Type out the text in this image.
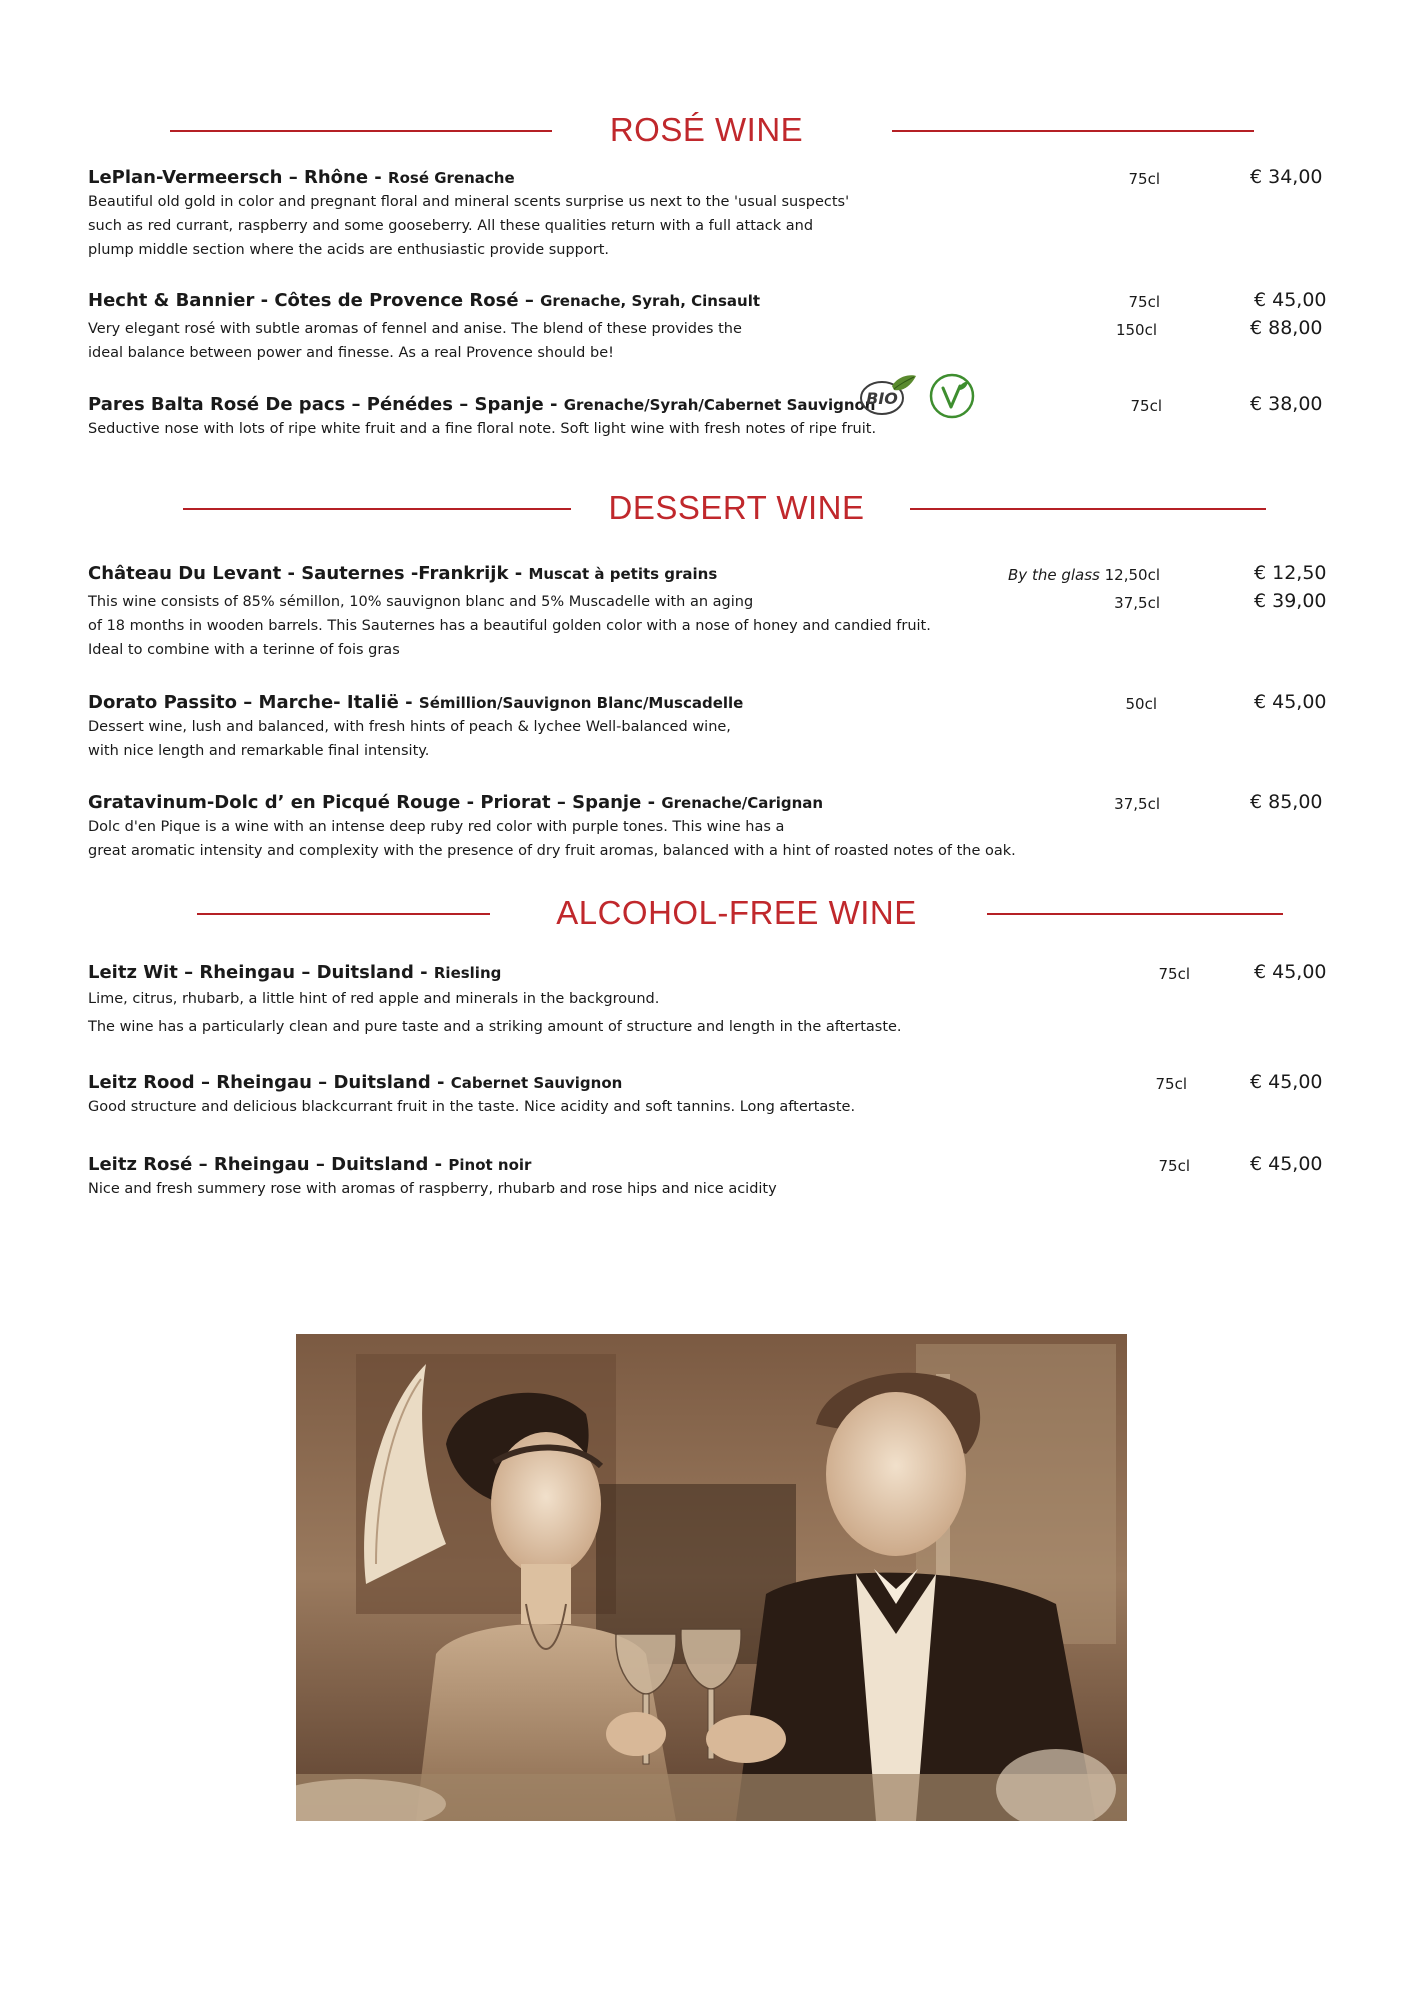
ROSÉ WINE
LePlan-Vermeersch – Rhône - Rosé Grenache
Beautiful old gold in color and pregnant floral and mineral scents surprise us next to the 'usual suspects'
such as red currant, raspberry and some gooseberry. All these qualities return with a full attack and
plump middle section where the acids are enthusiastic provide support.
75cl	€ 34,00
Hecht & Bannier - Côtes de Provence Rosé – Grenache, Syrah, Cinsault
Very elegant rosé with subtle aromas of fennel and anise. The blend of these provides the
ideal balance between power and finesse. As a real Provence should be!
75cl	€ 45,00
150cl	€ 88,00
Pares Balta Rosé De pacs – Pénédes – Spanje - Grenache/Syrah/Cabernet Sauvignon
Seductive nose with lots of ripe white fruit and a fine floral note. Soft light wine with fresh notes of ripe fruit.
BIO
V
75cl	€ 38,00
DESSERT WINE
Château Du Levant - Sauternes -Frankrijk - Muscat à petits grains
This wine consists of 85% sémillon, 10% sauvignon blanc and 5% Muscadelle with an aging
of 18 months in wooden barrels. This Sauternes has a beautiful golden color with a nose of honey and candied fruit.
Ideal to combine with a terinne of fois gras
By the glass 12,50cl	€ 12,50
37,5cl	€ 39,00
Dorato Passito – Marche- Italië - Sémillion/Sauvignon Blanc/Muscadelle
Dessert wine, lush and balanced, with fresh hints of peach & lychee Well-balanced wine,
with nice length and remarkable final intensity.
50cl	€ 45,00
Gratavinum-Dolc d’ en Picqué Rouge - Priorat – Spanje - Grenache/Carignan
Dolc d'en Pique is a wine with an intense deep ruby red color with purple tones. This wine has a
great aromatic intensity and complexity with the presence of dry fruit aromas, balanced with a hint of roasted notes of the oak.
37,5cl	€ 85,00
ALCOHOL-FREE WINE
Leitz Wit – Rheingau – Duitsland - Riesling
Lime, citrus, rhubarb, a little hint of red apple and minerals in the background.
The wine has a particularly clean and pure taste and a striking amount of structure and length in the aftertaste.
75cl	€ 45,00
Leitz Rood – Rheingau – Duitsland - Cabernet Sauvignon
Good structure and delicious blackcurrant fruit in the taste. Nice acidity and soft tannins. Long aftertaste.
75cl	€ 45,00
Leitz Rosé – Rheingau – Duitsland - Pinot noir
Nice and fresh summery rose with aromas of raspberry, rhubarb and rose hips and nice acidity
75cl	€ 45,00
